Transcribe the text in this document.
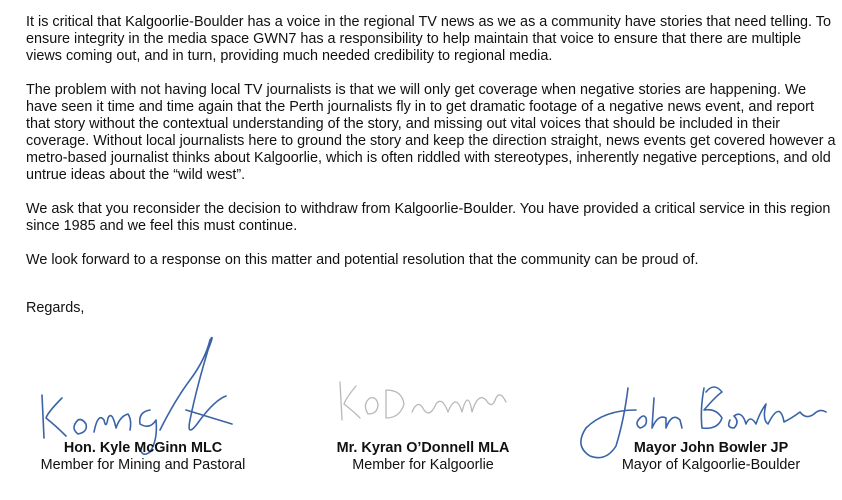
It is critical that Kalgoorlie-Boulder has a voice in the regional TV news as we as a community have stories that need telling. To ensure integrity in the media space GWN7 has a responsibility to help maintain that voice to ensure that there are multiple views coming out, and in turn, providing much needed credibility to regional media.

The problem with not having local TV journalists is that we will only get coverage when negative stories are happening. We have seen it time and time again that the Perth journalists fly in to get dramatic footage of a negative news event, and report that story without the contextual understanding of the story, and missing out vital voices that should be included in their coverage. Without local journalists here to ground the story and keep the direction straight, news events get covered however a metro-based journalist thinks about Kalgoorlie, which is often riddled with stereotypes, inherently negative perceptions, and old untrue ideas about the “wild west”.

We ask that you reconsider the decision to withdraw from Kalgoorlie-Boulder. You have provided a critical service in this region since 1985 and we feel this must continue.

We look forward to a response on this matter and potential resolution that the community can be proud of.

Regards,
Hon. Kyle McGinn MLC
Member for Mining and Pastoral
Mr. Kyran O’Donnell MLA
Member for Kalgoorlie
Mayor John Bowler JP
Mayor of Kalgoorlie-Boulder
